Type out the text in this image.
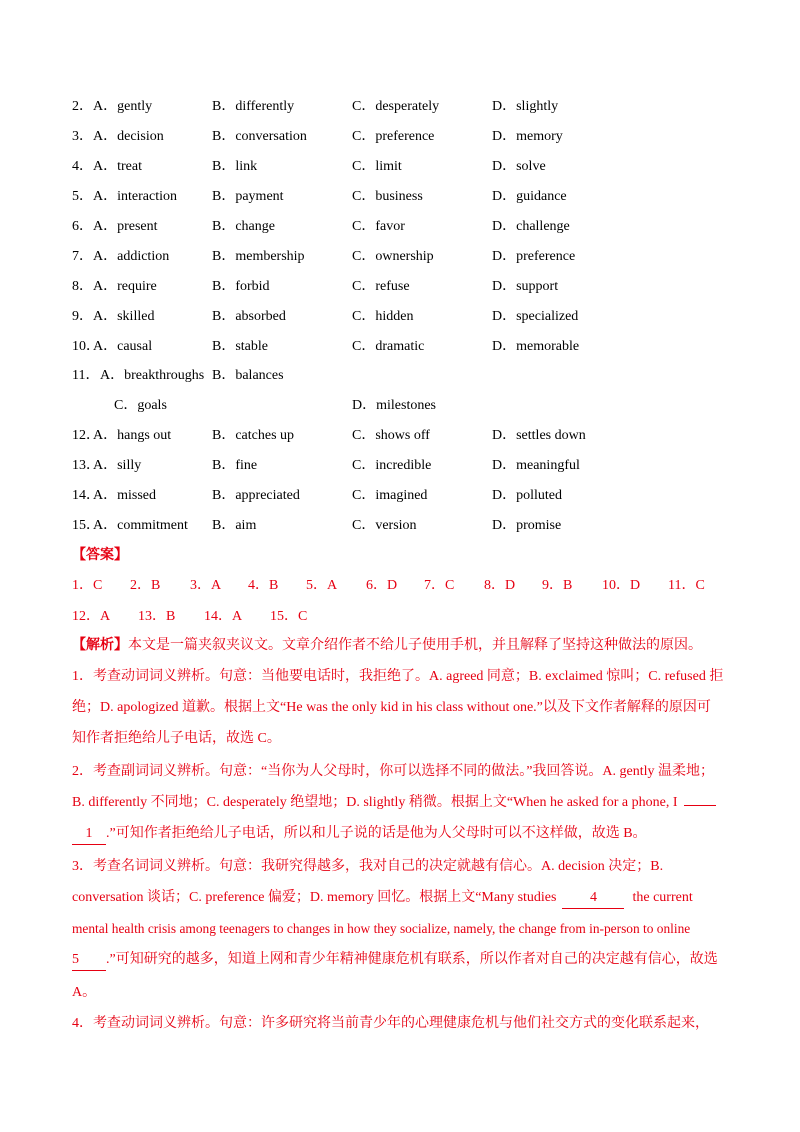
2． A．gently	B．differently	C．desperately	D．slightly
3． A．decision	B．conversation	C．preference	D．memory
4． A．treat	B．link	C．limit	D．solve
5． A．interaction	B．payment	C．business	D．guidance
6． A．present	B．change	C．favor	D．challenge
7． A．addiction	B．membership	C．ownership	D．preference
8． A．require	B．forbid	C．refuse	D．support
9． A．skilled	B．absorbed	C．hidden	D．specialized
10．
A．causal	B．stable	C．dramatic	D．memorable
11． A．breakthroughs B．balances
C．goals	D．milestones
12．
A．hangs out	B．catches up	C．shows off	D．settles down
13．
A．silly	B．fine	C．incredible	D．meaningful
14．
A．missed	B．appreciated	C．imagined	D．polluted
15．
A．commitment B．aim	C．version	D．promise
【答案】
1．C 2．B 3．A 4．B 5．A 6．D 7．C 8．D 9．B 10．D 11．C
12．A 13．B 14．A 15．C
【解析】本文是一篇夹叙夹议文。文章介绍作者不给儿子使用手机，并且解释了坚持这种做法的原因。
1．考查动词词义辨析。句意：当他要电话时，我拒绝了。A. agreed 同意；B. exclaimed 惊叫；C. refused 拒
绝；D. apologized 道歉。根据上文“He was the only kid in his class without one.”以及下文作者解释的原因可
知作者拒绝给儿子电话，故选 C。
2．考查副词词义辨析。句意：“当你为人父母时，你可以选择不同的做法。”我回答说。A. gently 温柔地；
B. differently 不同地；C. desperately 绝望地；D. slightly 稍微。根据上文“When he asked for a phone, I
1 .”可知作者拒绝给儿子电话，所以和儿子说的话是他为人父母时可以不这样做，故选 B。
3．考查名词词义辨析。句意：我研究得越多，我对自己的决定就越有信心。A. decision 决定；B.
conversation 谈话；C. preference 偏爱；D. memory 回忆。根据上文“Many studies 4	the current
mental health crisis among teenagers to changes in how they socialize, namely, the change from in-person to online
5 .”可知研究的越多，知道上网和青少年精神健康危机有联系，所以作者对自己的决定越有信心，故选
A。
4．考查动词词义辨析。句意：许多研究将当前青少年的心理健康危机与他们社交方式的变化联系起来，
